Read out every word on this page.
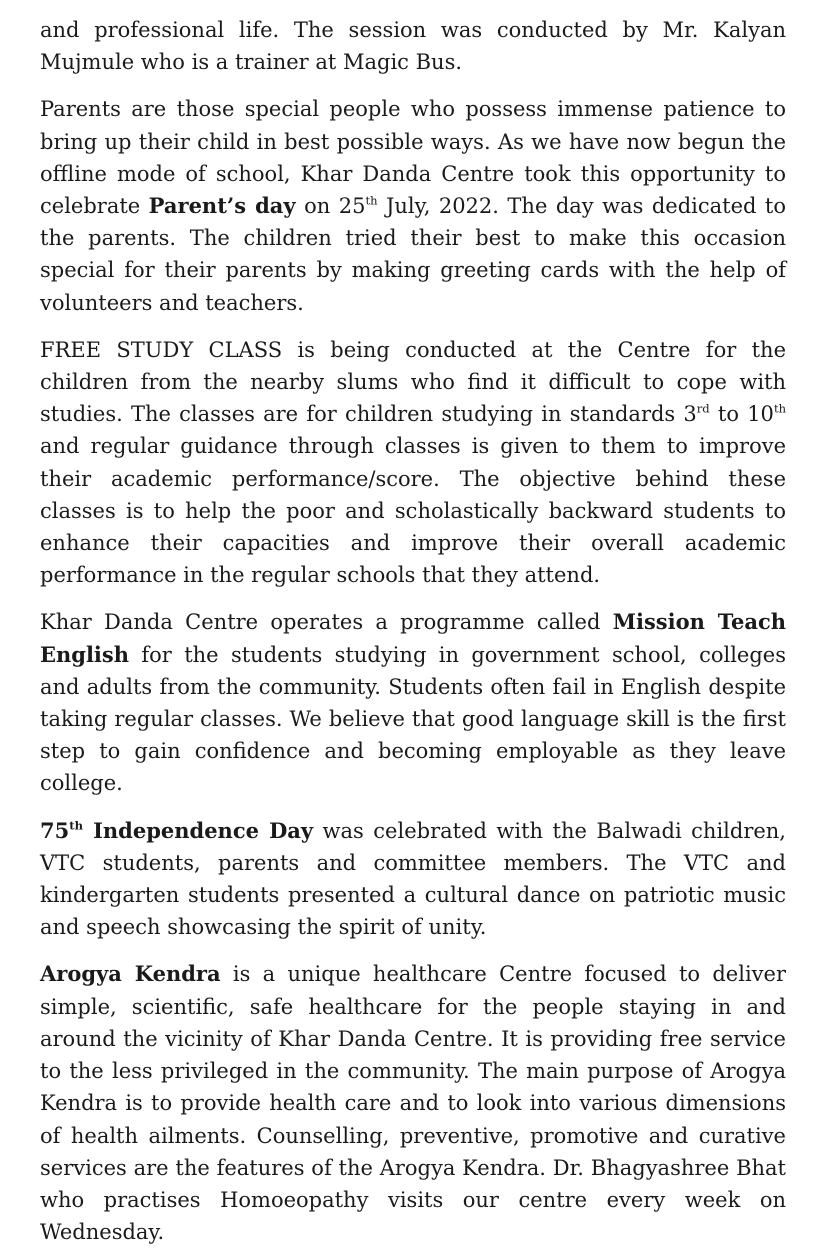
and professional life. The session was conducted by Mr. Kalyan Mujmule who is a trainer at Magic Bus.

Parents are those special people who possess immense patience to bring up their child in best possible ways. As we have now begun the offline mode of school, Khar Danda Centre took this opportunity to celebrate Parent’s day on 25th July, 2022. The day was dedicated to the parents. The children tried their best to make this occasion special for their parents by making greeting cards with the help of volunteers and teachers.

FREE STUDY CLASS is being conducted at the Centre for the children from the nearby slums who find it difficult to cope with studies. The classes are for children studying in standards 3rd to 10th and regular guidance through classes is given to them to improve their academic performance/score. The objective behind these classes is to help the poor and scholastically backward students to enhance their capacities and improve their overall academic performance in the regular schools that they attend.

Khar Danda Centre operates a programme called Mission Teach English for the students studying in government school, colleges and adults from the community. Students often fail in English despite taking regular classes. We believe that good language skill is the first step to gain confidence and becoming employable as they leave college.

75th Independence Day was celebrated with the Balwadi children, VTC students, parents and committee members. The VTC and kindergarten students presented a cultural dance on patriotic music and speech showcasing the spirit of unity.

Arogya Kendra is a unique healthcare Centre focused to deliver simple, scientific, safe healthcare for the people staying in and around the vicinity of Khar Danda Centre. It is providing free service to the less privileged in the community. The main purpose of Arogya Kendra is to provide health care and to look into various dimensions of health ailments. Counselling, preventive, promotive and curative services are the features of the Arogya Kendra. Dr. Bhagyashree Bhat who practises Homoeopathy visits our centre every week on Wednesday.
